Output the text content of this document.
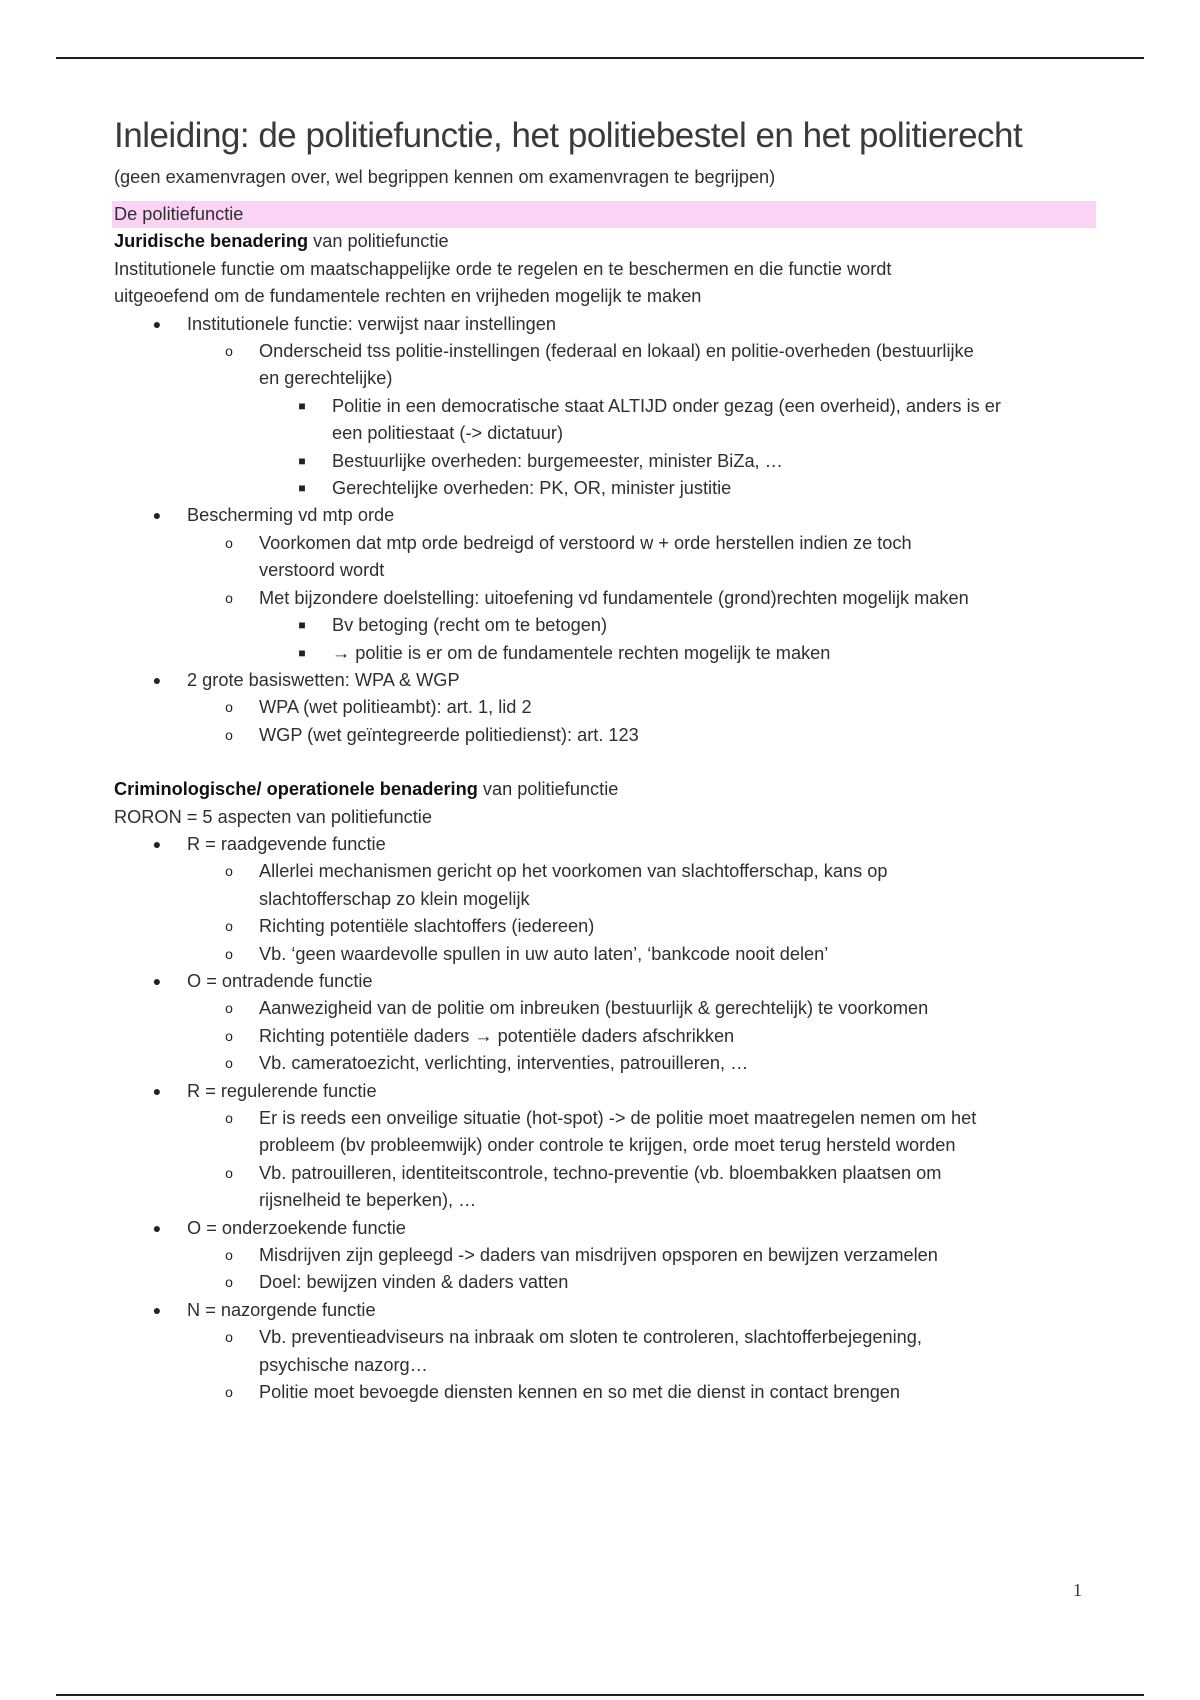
Inleiding: de politiefunctie, het politiebestel en het politierecht
(geen examenvragen over, wel begrippen kennen om examenvragen te begrijpen)
De politiefunctie
Juridische benadering van politiefunctie
Institutionele functie om maatschappelijke orde te regelen en te beschermen en die functie wordt
uitgeoefend om de fundamentele rechten en vrijheden mogelijk te maken
●	Institutionele functie: verwijst naar instellingen
o	Onderscheid tss politie-instellingen (federaal en lokaal) en politie-overheden (bestuurlijke
en gerechtelijke)
■	Politie in een democratische staat ALTIJD onder gezag (een overheid), anders is er
een politiestaat (-> dictatuur)
■	Bestuurlijke overheden: burgemeester, minister BiZa, …
■	Gerechtelijke overheden: PK, OR, minister justitie
●	Bescherming vd mtp orde
o	Voorkomen dat mtp orde bedreigd of verstoord w + orde herstellen indien ze toch
verstoord wordt
o	Met bijzondere doelstelling: uitoefening vd fundamentele (grond)rechten mogelijk maken
■	Bv betoging (recht om te betogen)
■	→ politie is er om de fundamentele rechten mogelijk te maken
●	2 grote basiswetten: WPA & WGP
o	WPA (wet politieambt): art. 1, lid 2
o	WGP (wet geïntegreerde politiedienst): art. 123
Criminologische/ operationele benadering van politiefunctie
RORON = 5 aspecten van politiefunctie
●	R = raadgevende functie
o	Allerlei mechanismen gericht op het voorkomen van slachtofferschap, kans op
slachtofferschap zo klein mogelijk
o	Richting potentiële slachtoffers (iedereen)
o	Vb. ‘geen waardevolle spullen in uw auto laten’, ‘bankcode nooit delen’
●	O = ontradende functie
o	Aanwezigheid van de politie om inbreuken (bestuurlijk & gerechtelijk) te voorkomen
o	Richting potentiële daders → potentiële daders afschrikken
o	Vb. cameratoezicht, verlichting, interventies, patrouilleren, …
●	R = regulerende functie
o	Er is reeds een onveilige situatie (hot-spot) -> de politie moet maatregelen nemen om het
probleem (bv probleemwijk) onder controle te krijgen, orde moet terug hersteld worden
o	Vb. patrouilleren, identiteitscontrole, techno-preventie (vb. bloembakken plaatsen om
rijsnelheid te beperken), …
●	O = onderzoekende functie
o	Misdrijven zijn gepleegd -> daders van misdrijven opsporen en bewijzen verzamelen
o	Doel: bewijzen vinden & daders vatten
●	N = nazorgende functie
o	Vb. preventieadviseurs na inbraak om sloten te controleren, slachtofferbejegening,
psychische nazorg…
o	Politie moet bevoegde diensten kennen en so met die dienst in contact brengen
1
